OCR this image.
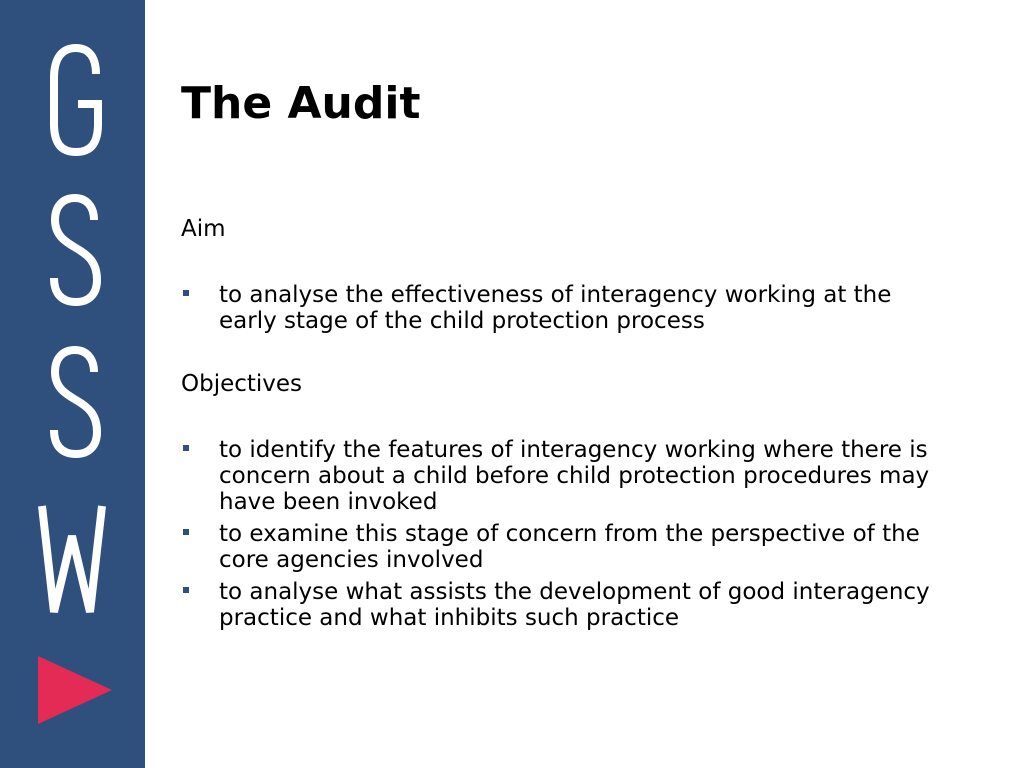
The Audit

Aim

to analyse the effectiveness of interagency working at the early stage of the child protection process

Objectives

to identify the features of interagency working where there is concern about a child before child protection procedures may have been invoked
to examine this stage of concern from the perspective of the core agencies involved
to analyse what assists the development of good interagency practice and what inhibits such practice
